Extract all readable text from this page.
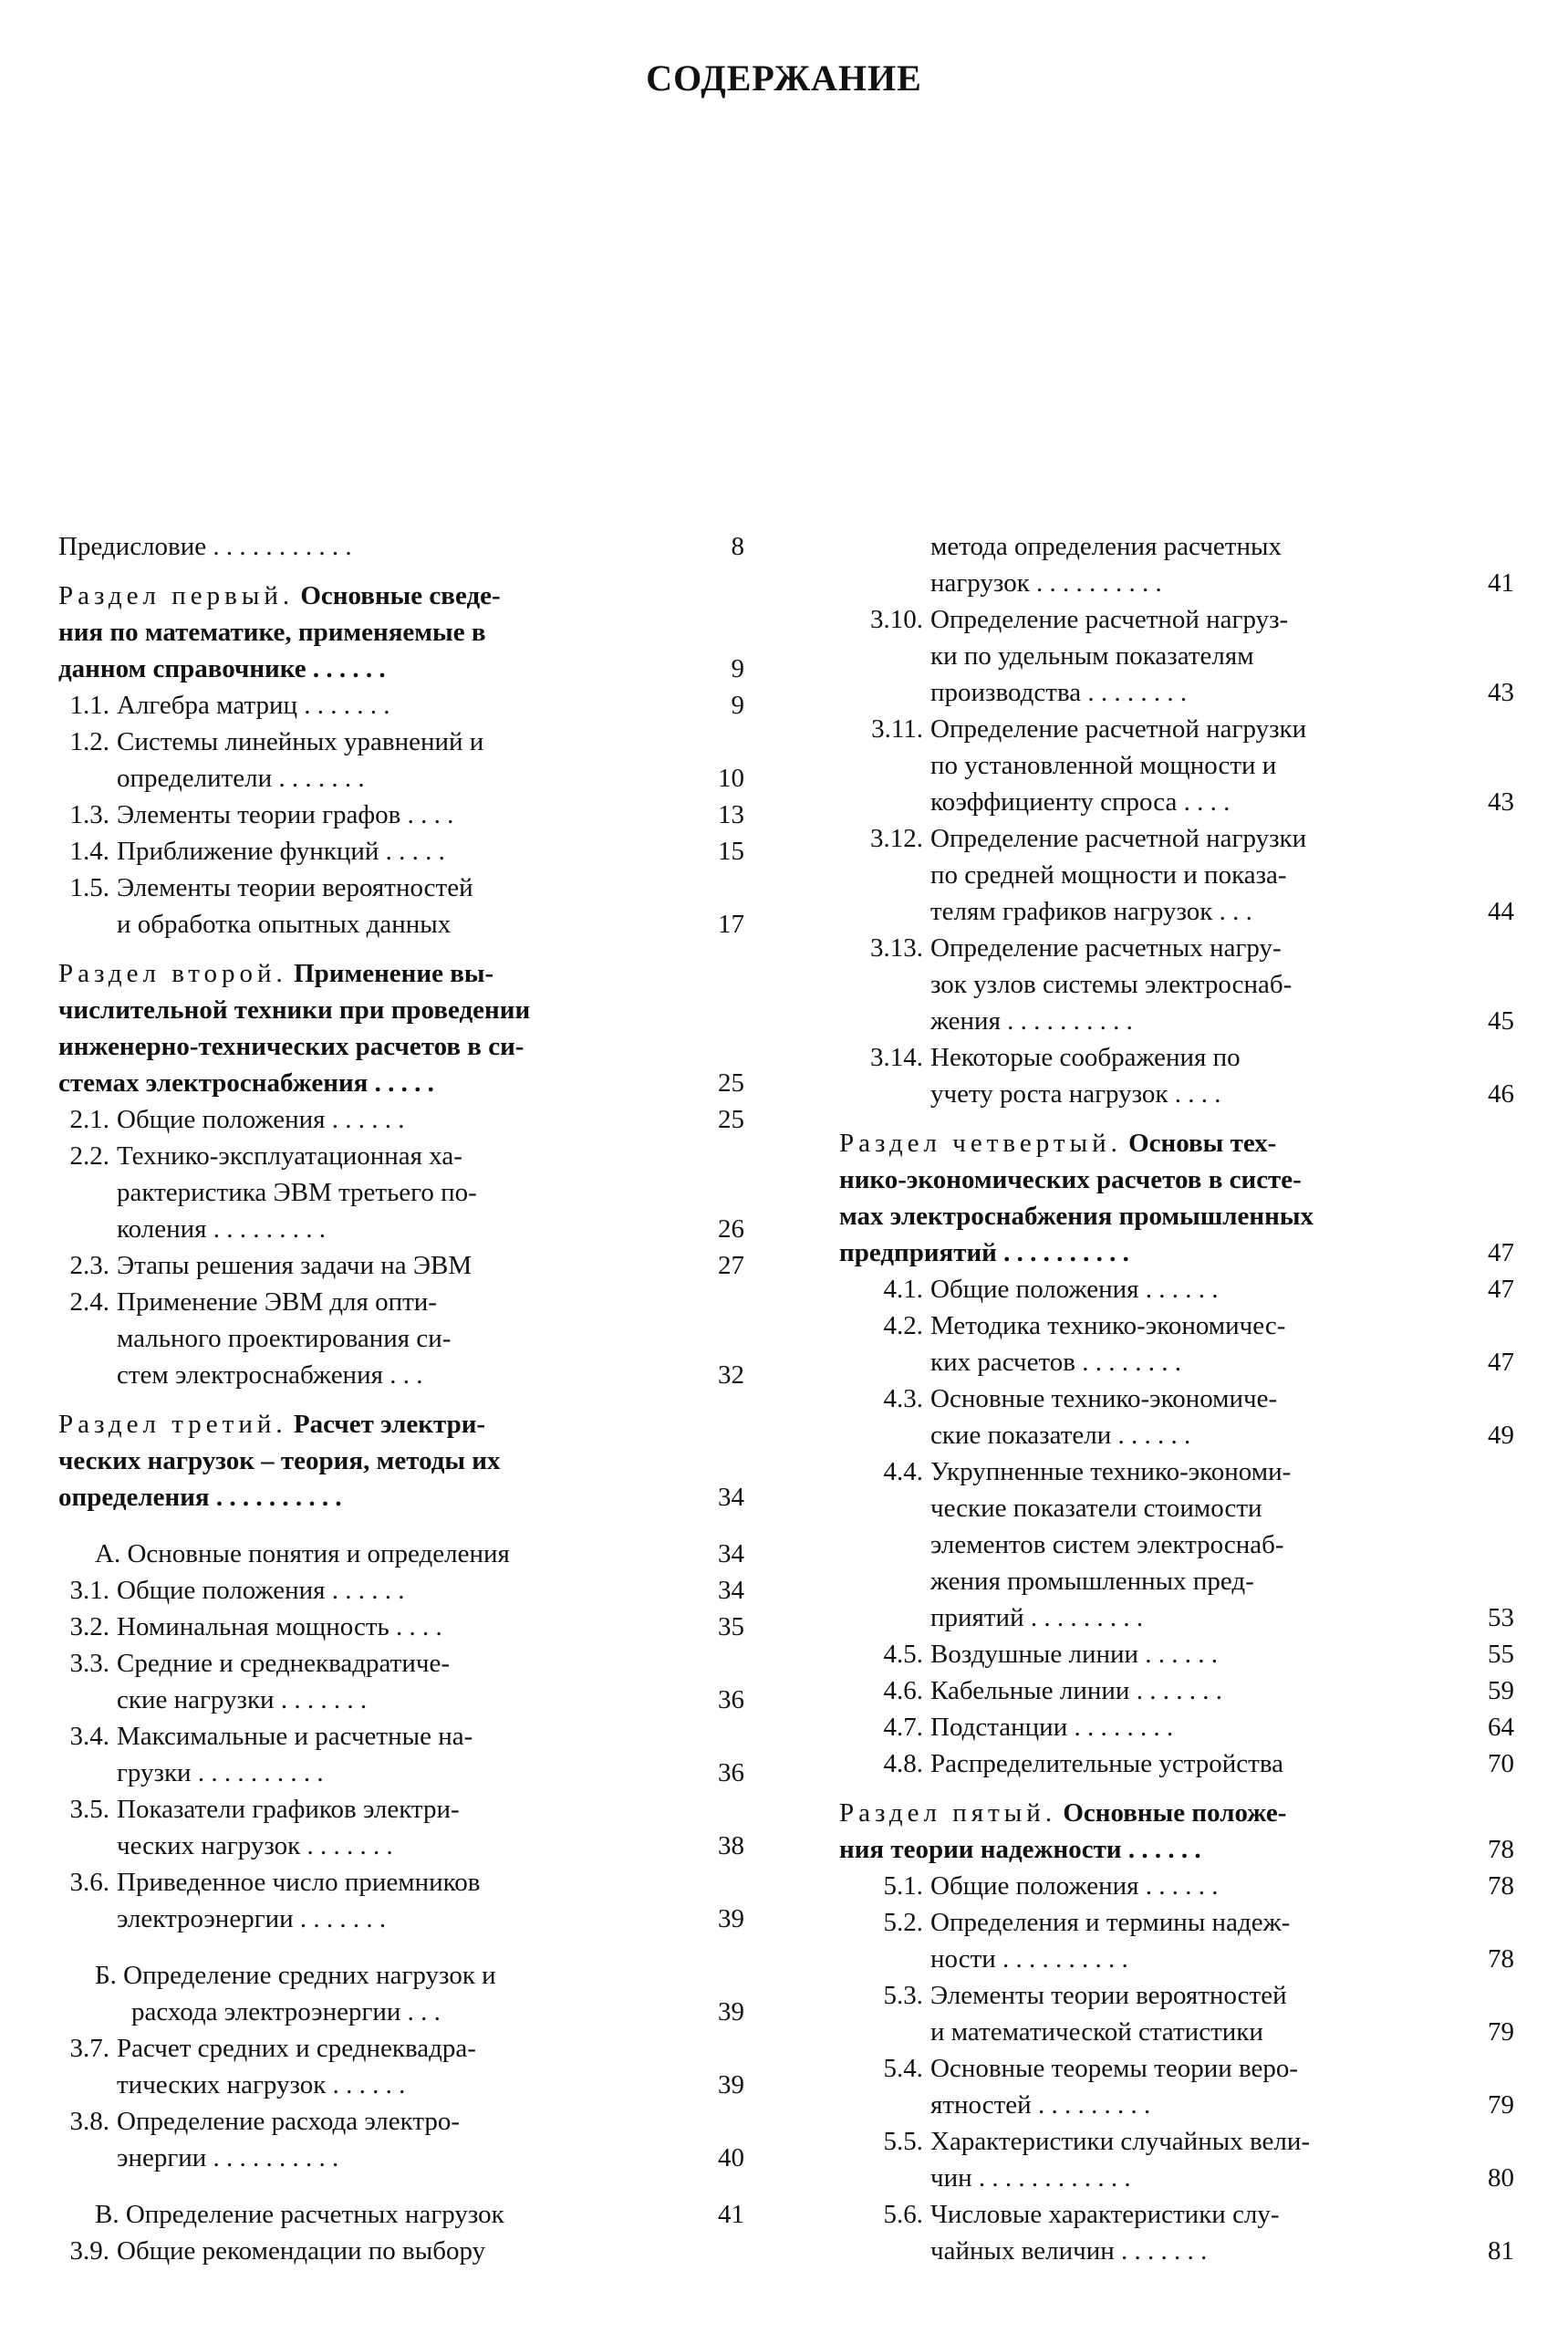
СОДЕРЖАНИЕ
Предисловие . . . . . . . . . . .	8
Раздел первый. Основные сведе-
ния по математике, применяемые в
данном справочнике . . . . . .	9
1.1. Алгебра матриц . . . . . . .	9
1.2. Системы линейных уравнений и
определители . . . . . . .	10
1.3. Элементы теории графов . . . .	13
1.4. Приближение функций . . . . .	15
1.5. Элементы теории вероятностей
и обработка опытных данных	17
Раздел второй. Применение вы-
числительной техники при проведении
инженерно-технических расчетов в си-
стемах электроснабжения . . . . .	25
2.1. Общие положения . . . . . .	25
2.2. Технико-эксплуатационная ха-
рактеристика ЭВМ третьего по-
коления . . . . . . . . .	26
2.3. Этапы решения задачи на ЭВМ	27
2.4. Применение ЭВМ для опти-
мального проектирования си-
стем электроснабжения . . .	32
Раздел третий. Расчет электри-
ческих нагрузок – теория, методы их
определения . . . . . . . . . .	34
А. Основные понятия и определения	34
3.1. Общие положения . . . . . .	34
3.2. Номинальная мощность . . . .	35
3.3. Средние и среднеквадратиче-
ские нагрузки . . . . . . .	36
3.4. Максимальные и расчетные на-
грузки . . . . . . . . . .	36
3.5. Показатели графиков электри-
ческих нагрузок . . . . . . .	38
3.6. Приведенное число приемников
электроэнергии . . . . . . .	39
Б. Определение средних нагрузок и
расхода электроэнергии . . .	39
3.7. Расчет средних и среднеквадра-
тических нагрузок . . . . . .	39
3.8. Определение расхода электро-
энергии . . . . . . . . . .	40
В. Определение расчетных нагрузок	41
3.9. Общие рекомендации по выбору
метода определения расчетных
нагрузок . . . . . . . . . .	41
3.10. Определение расчетной нагруз-
ки по удельным показателям
производства . . . . . . . .	43
3.11. Определение расчетной нагрузки
по установленной мощности и
коэффициенту спроса . . . .	43
3.12. Определение расчетной нагрузки
по средней мощности и показа-
телям графиков нагрузок . . .	44
3.13. Определение расчетных нагру-
зок узлов системы электроснаб-
жения . . . . . . . . . .	45
3.14. Некоторые соображения по
учету роста нагрузок . . . .	46
Раздел четвертый. Основы тех-
нико-экономических расчетов в систе-
мах электроснабжения промышленных
предприятий . . . . . . . . . .	47
4.1. Общие положения . . . . . .	47
4.2. Методика технико-экономичес-
ких расчетов . . . . . . . .	47
4.3. Основные технико-экономиче-
ские показатели . . . . . .	49
4.4. Укрупненные технико-экономи-
ческие показатели стоимости
элементов систем электроснаб-
жения промышленных пред-
приятий . . . . . . . . .	53
4.5. Воздушные линии . . . . . .	55
4.6. Кабельные линии . . . . . . .	59
4.7. Подстанции . . . . . . . .	64
4.8. Распределительные устройства	70
Раздел пятый. Основные положе-
ния теории надежности . . . . . .	78
5.1. Общие положения . . . . . .	78
5.2. Определения и термины надеж-
ности . . . . . . . . . .	78
5.3. Элементы теории вероятностей
и математической статистики	79
5.4. Основные теоремы теории веро-
ятностей . . . . . . . . .	79
5.5. Характеристики случайных вели-
чин . . . . . . . . . . . .	80
5.6. Числовые характеристики слу-
чайных величин . . . . . . .	81
